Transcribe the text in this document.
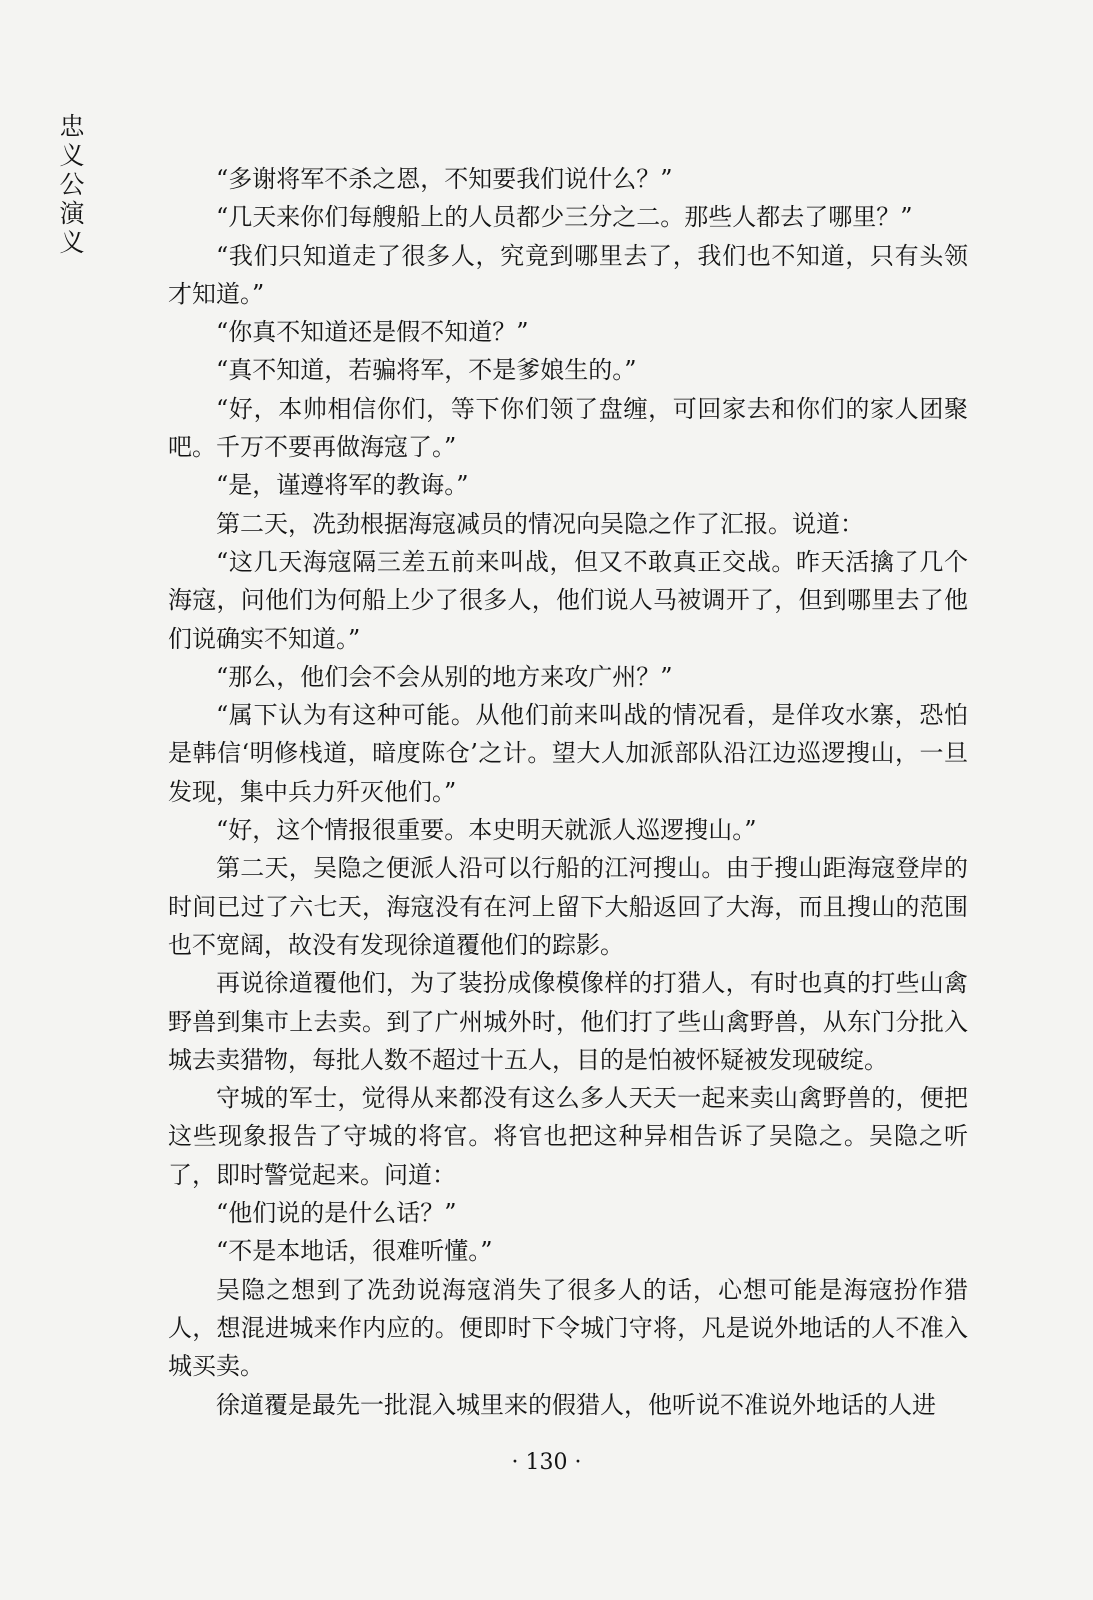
忠
义
公
演
义

“多谢将军不杀之恩，不知要我们说什么？”

“几天来你们每艘船上的人员都少三分之二。那些人都去了哪里？”

“我们只知道走了很多人，究竟到哪里去了，我们也不知道，只有头领才知道。”

“你真不知道还是假不知道？”

“真不知道，若骗将军，不是爹娘生的。”

“好，本帅相信你们，等下你们领了盘缠，可回家去和你们的家人团聚吧。千万不要再做海寇了。”

“是，谨遵将军的教诲。”

第二天，冼劲根据海寇减员的情况向吴隐之作了汇报。说道：

“这几天海寇隔三差五前来叫战，但又不敢真正交战。昨天活擒了几个海寇，问他们为何船上少了很多人，他们说人马被调开了，但到哪里去了他们说确实不知道。”

“那么，他们会不会从别的地方来攻广州？”

“属下认为有这种可能。从他们前来叫战的情况看，是佯攻水寨，恐怕是韩信‘明修栈道，暗度陈仓’之计。望大人加派部队沿江边巡逻搜山，一旦发现，集中兵力歼灭他们。”

“好，这个情报很重要。本史明天就派人巡逻搜山。”

第二天，吴隐之便派人沿可以行船的江河搜山。由于搜山距海寇登岸的时间已过了六七天，海寇没有在河上留下大船返回了大海，而且搜山的范围也不宽阔，故没有发现徐道覆他们的踪影。

再说徐道覆他们，为了装扮成像模像样的打猎人，有时也真的打些山禽野兽到集市上去卖。到了广州城外时，他们打了些山禽野兽，从东门分批入城去卖猎物，每批人数不超过十五人，目的是怕被怀疑被发现破绽。

守城的军士，觉得从来都没有这么多人天天一起来卖山禽野兽的，便把这些现象报告了守城的将官。将官也把这种异相告诉了吴隐之。吴隐之听了，即时警觉起来。问道：

“他们说的是什么话？”

“不是本地话，很难听懂。”

吴隐之想到了冼劲说海寇消失了很多人的话，心想可能是海寇扮作猎人，想混进城来作内应的。便即时下令城门守将，凡是说外地话的人不准入城买卖。

徐道覆是最先一批混入城里来的假猎人，他听说不准说外地话的人进

· 130 ·
